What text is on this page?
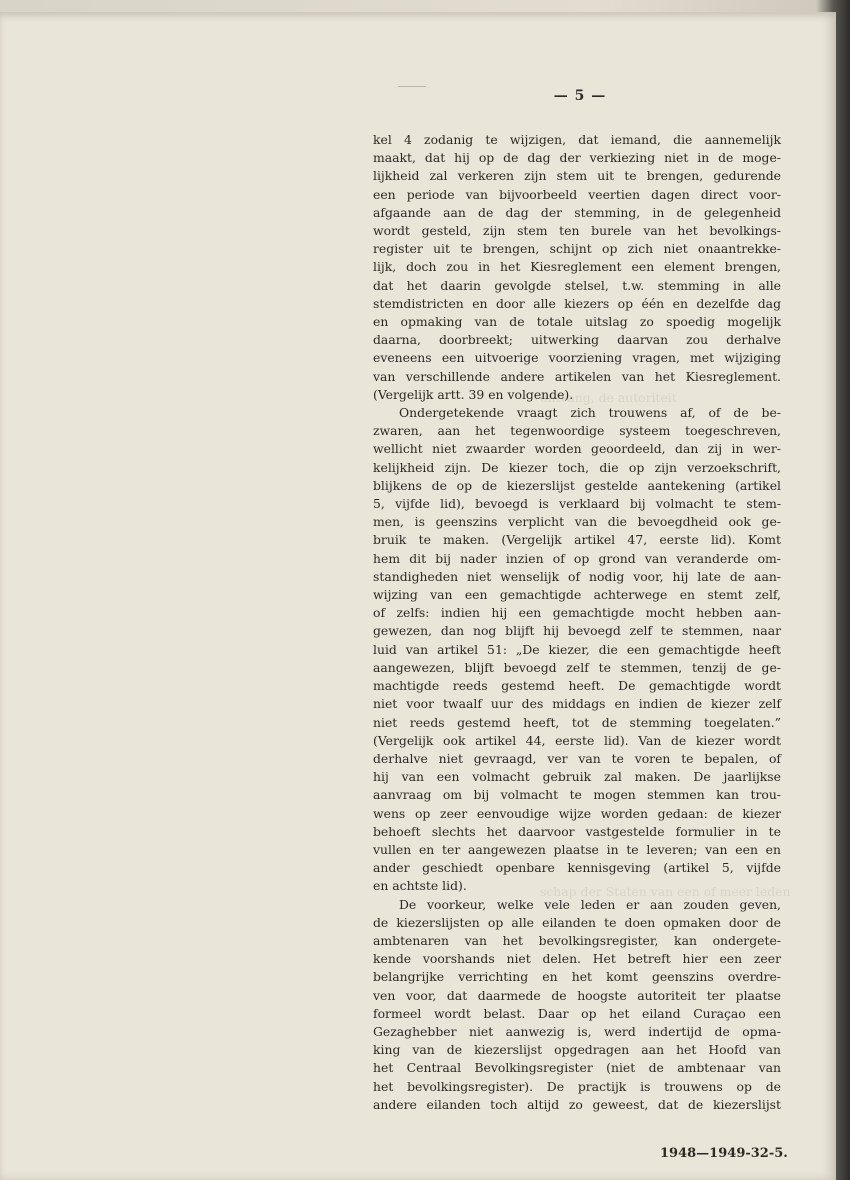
— 5 —
ontvang, de autoriteit
schap der Staten van een of meer leden
kel 4 zodanig te wijzigen, dat iemand, die aannemelijk
maakt, dat hij op de dag der verkiezing niet in de moge-
lijkheid zal verkeren zijn stem uit te brengen, gedurende
een periode van bijvoorbeeld veertien dagen direct voor-
afgaande aan de dag der stemming, in de gelegenheid
wordt gesteld, zijn stem ten burele van het bevolkings-
register uit te brengen, schijnt op zich niet onaantrekke-
lijk, doch zou in het Kiesreglement een element brengen,
dat het daarin gevolgde stelsel, t.w. stemming in alle
stemdistricten en door alle kiezers op één en dezelfde dag
en opmaking van de totale uitslag zo spoedig mogelijk
daarna, doorbreekt; uitwerking daarvan zou derhalve
eveneens een uitvoerige voorziening vragen, met wijziging
van verschillende andere artikelen van het Kiesreglement.
(Vergelijk artt. 39 en volgende).
Ondergetekende vraagt zich trouwens af, of de be-
zwaren, aan het tegenwoordige systeem toegeschreven,
wellicht niet zwaarder worden geoordeeld, dan zij in wer-
kelijkheid zijn. De kiezer toch, die op zijn verzoekschrift,
blijkens de op de kiezerslijst gestelde aantekening (artikel
5, vijfde lid), bevoegd is verklaard bij volmacht te stem-
men, is geenszins verplicht van die bevoegdheid ook ge-
bruik te maken. (Vergelijk artikel 47, eerste lid). Komt
hem dit bij nader inzien of op grond van veranderde om-
standigheden niet wenselijk of nodig voor, hij late de aan-
wijzing van een gemachtigde achterwege en stemt zelf,
of zelfs: indien hij een gemachtigde mocht hebben aan-
gewezen, dan nog blijft hij bevoegd zelf te stemmen, naar
luid van artikel 51: „De kiezer, die een gemachtigde heeft
aangewezen, blijft bevoegd zelf te stemmen, tenzij de ge-
machtigde reeds gestemd heeft. De gemachtigde wordt
niet voor twaalf uur des middags en indien de kiezer zelf
niet reeds gestemd heeft, tot de stemming toegelaten.”
(Vergelijk ook artikel 44, eerste lid). Van de kiezer wordt
derhalve niet gevraagd, ver van te voren te bepalen, of
hij van een volmacht gebruik zal maken. De jaarlijkse
aanvraag om bij volmacht te mogen stemmen kan trou-
wens op zeer eenvoudige wijze worden gedaan: de kiezer
behoeft slechts het daarvoor vastgestelde formulier in te
vullen en ter aangewezen plaatse in te leveren; van een en
ander geschiedt openbare kennisgeving (artikel 5, vijfde
en achtste lid).
De voorkeur, welke vele leden er aan zouden geven,
de kiezerslijsten op alle eilanden te doen opmaken door de
ambtenaren van het bevolkingsregister, kan ondergete-
kende voorshands niet delen. Het betreft hier een zeer
belangrijke verrichting en het komt geenszins overdre-
ven voor, dat daarmede de hoogste autoriteit ter plaatse
formeel wordt belast. Daar op het eiland Curaçao een
Gezaghebber niet aanwezig is, werd indertijd de opma-
king van de kiezerslijst opgedragen aan het Hoofd van
het Centraal Bevolkingsregister (niet de ambtenaar van
het bevolkingsregister). De practijk is trouwens op de
andere eilanden toch altijd zo geweest, dat de kiezerslijst
1948—1949-32-5.
